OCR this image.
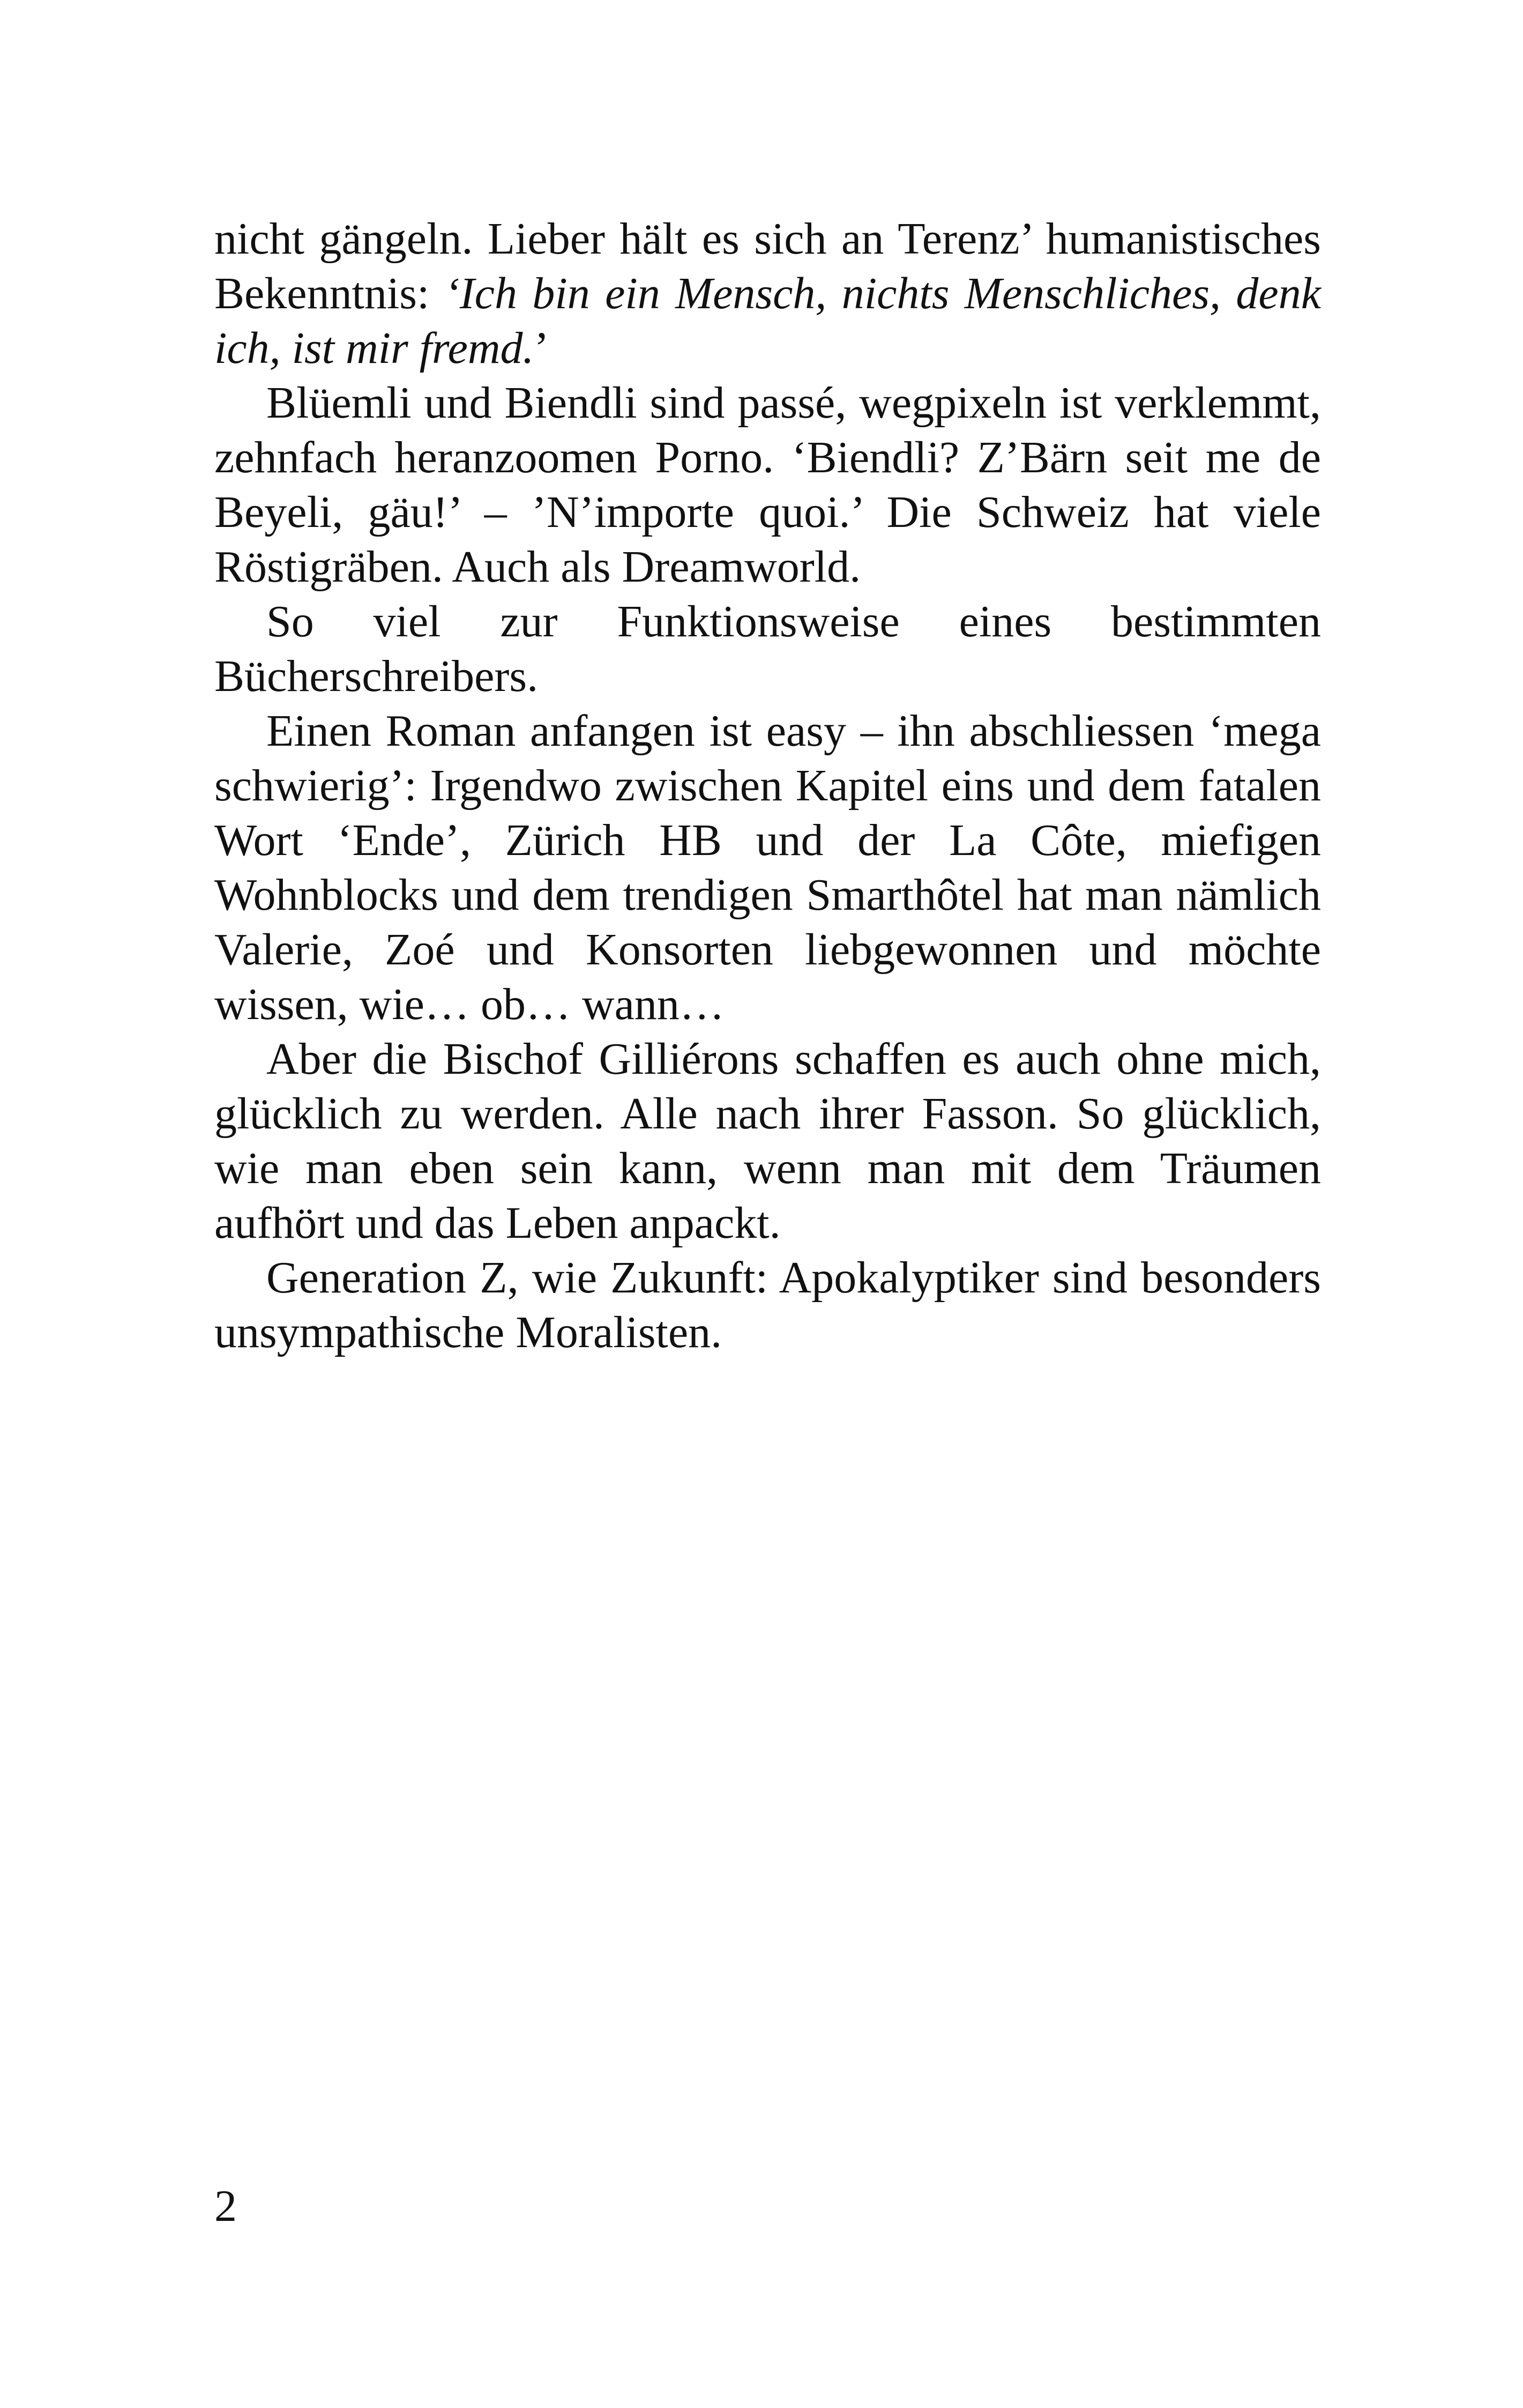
nicht gängeln. Lieber hält es sich an Terenz’ humanistisches Bekenntnis: ‘Ich bin ein Mensch, nichts Menschliches, denk ich, ist mir fremd.’

Blüemli und Biendli sind passé, wegpixeln ist verklemmt, zehnfach heranzoomen Porno. ‘Biendli? Z’Bärn seit me de Beyeli, gäu!’ – ’N’importe quoi.’ Die Schweiz hat viele Röstigräben. Auch als Dreamworld.

So viel zur Funktionsweise eines bestimmten Bücherschreibers.

Einen Roman anfangen ist easy – ihn abschliessen ‘mega schwierig’: Irgendwo zwischen Kapitel eins und dem fatalen Wort ‘Ende’, Zürich HB und der La Côte, miefigen Wohnblocks und dem trendigen Smarthôtel hat man nämlich Valerie, Zoé und Konsorten liebgewonnen und möchte wissen, wie… ob… wann…

Aber die Bischof Gilliérons schaffen es auch ohne mich, glücklich zu werden. Alle nach ihrer Fasson. So glücklich, wie man eben sein kann, wenn man mit dem Träumen aufhört und das Leben anpackt.

Generation Z, wie Zukunft: Apokalyptiker sind besonders unsympathische Moralisten.

2
